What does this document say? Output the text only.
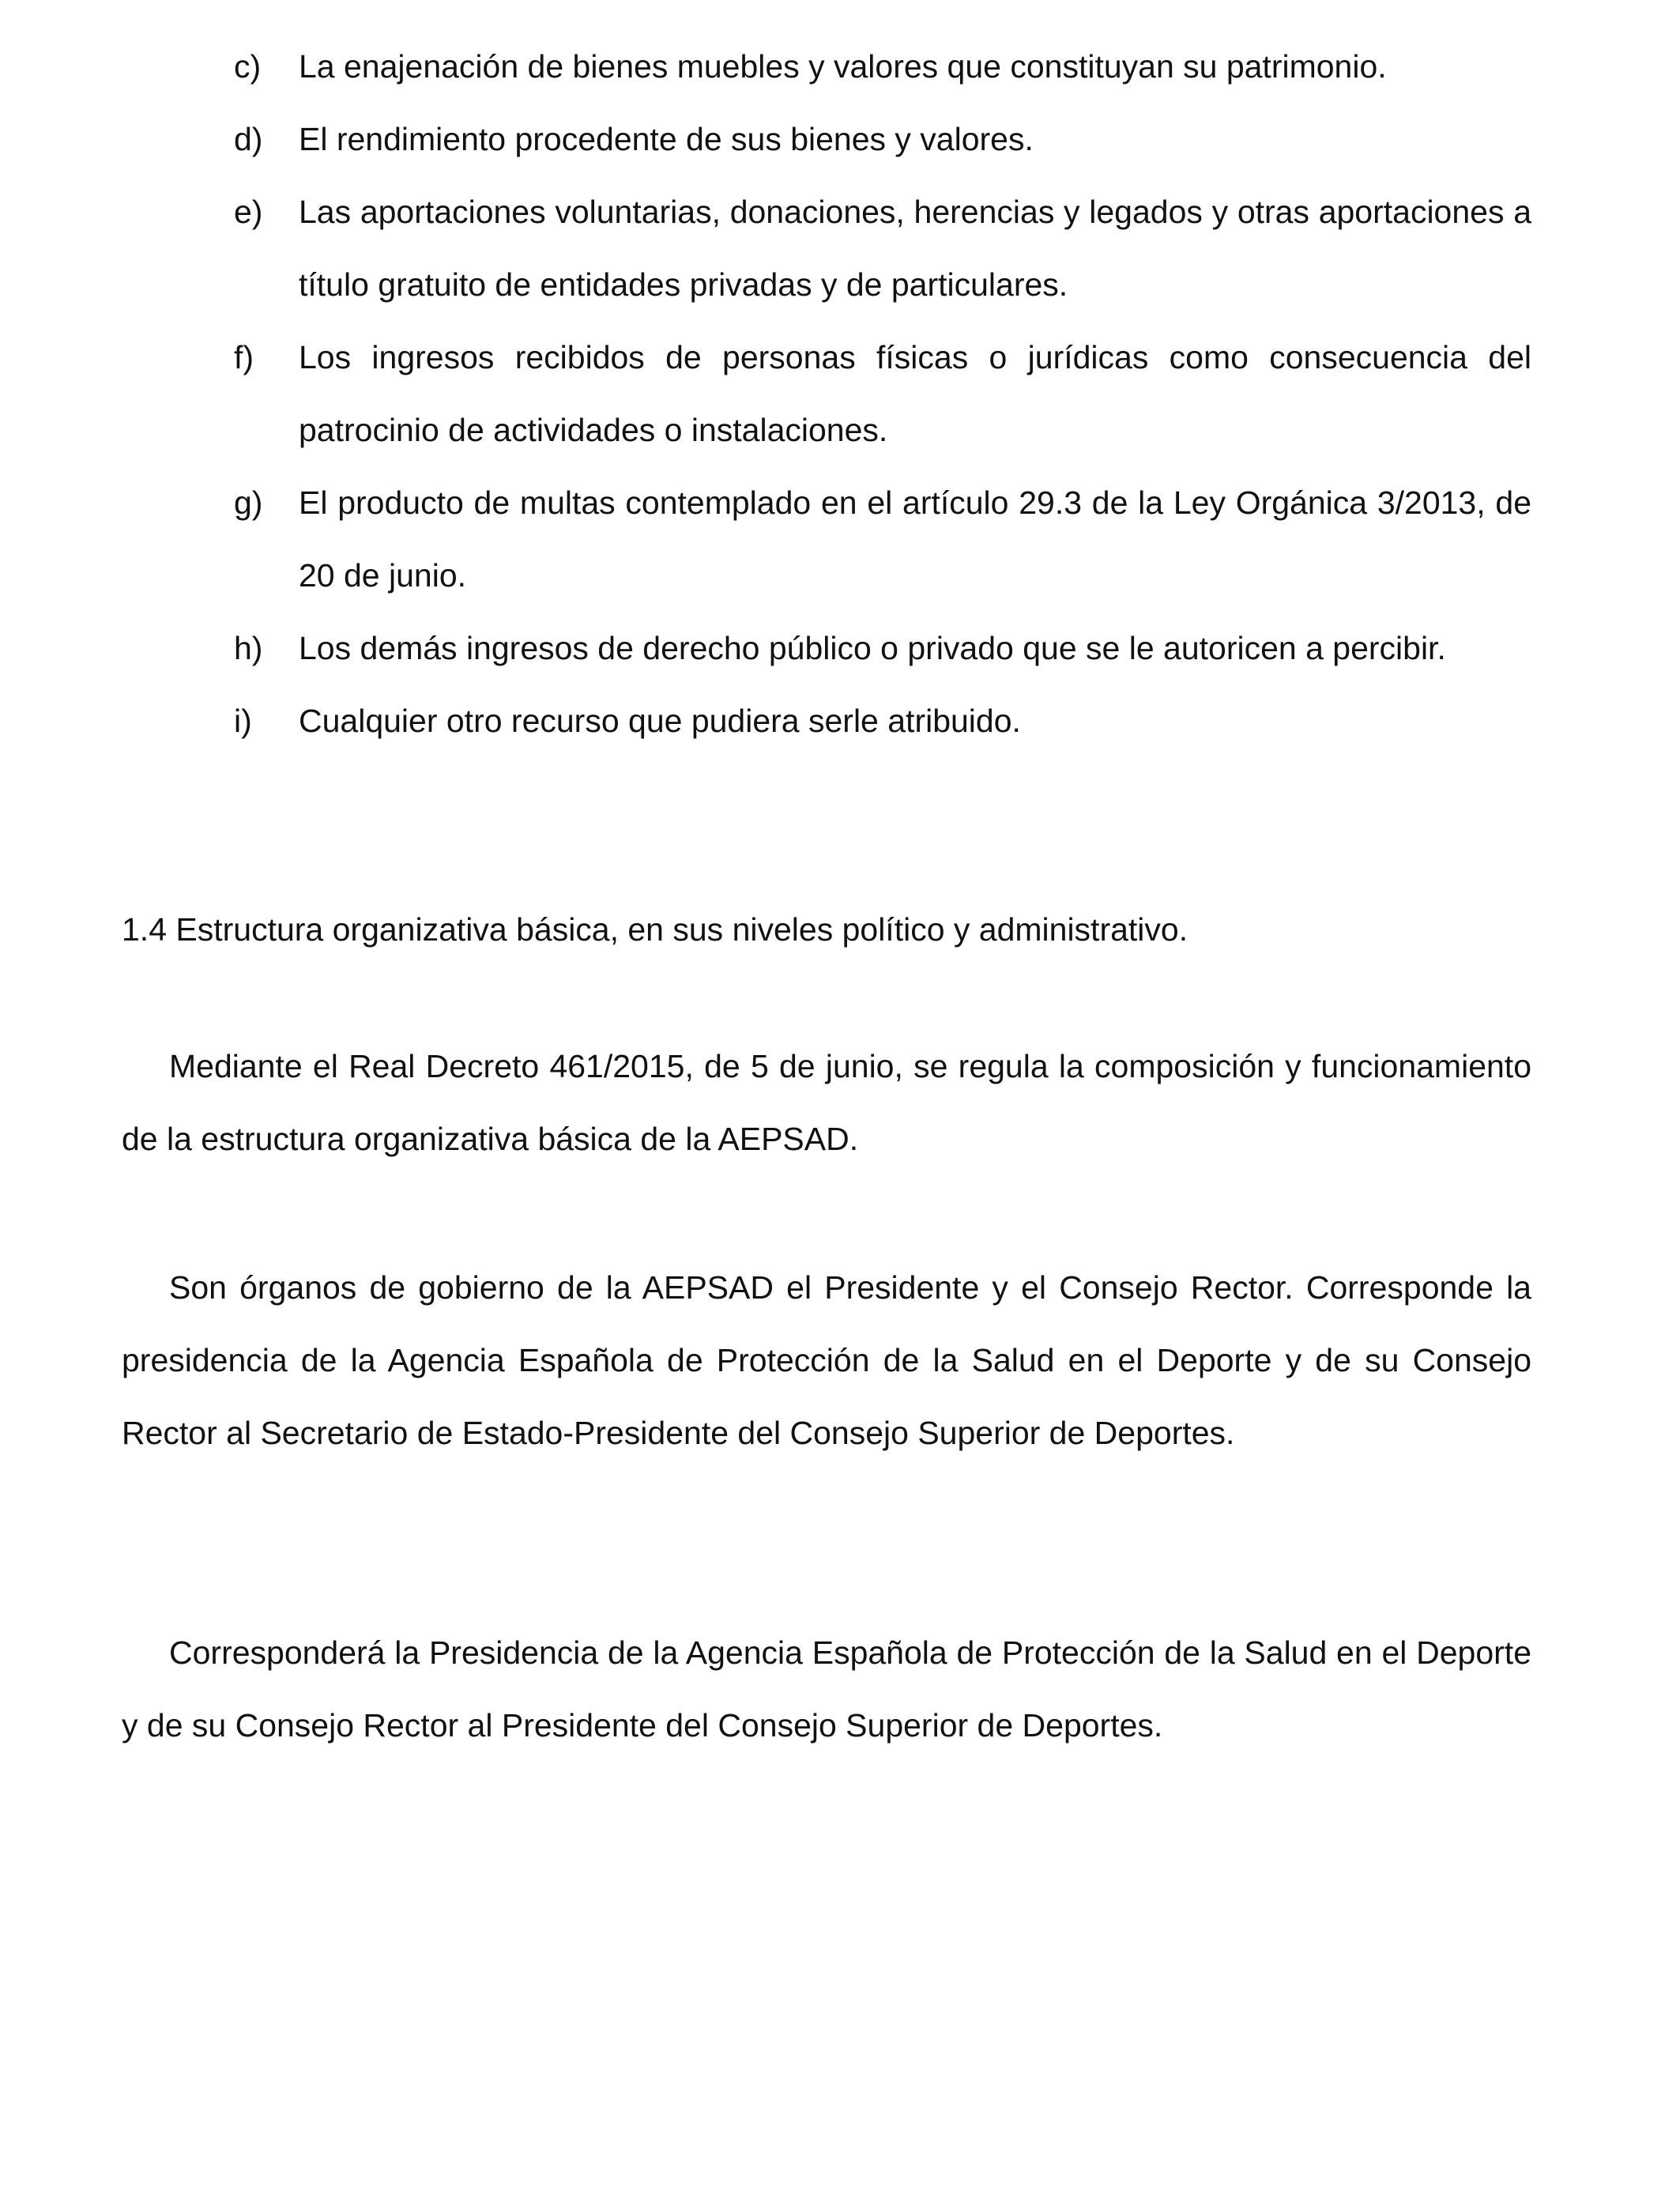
c)	La enajenación de bienes muebles y valores que constituyan su patrimonio.
d)	El rendimiento procedente de sus bienes y valores.
e)	Las aportaciones voluntarias, donaciones, herencias y legados y otras aportaciones a título gratuito de entidades privadas y de particulares.
f)	Los ingresos recibidos de personas físicas o jurídicas como consecuencia del patrocinio de actividades o instalaciones.
g)	El producto de multas contemplado en el artículo 29.3 de la Ley Orgánica 3/2013, de 20 de junio.
h)	Los demás ingresos de derecho público o privado que se le autoricen a percibir.
i)	Cualquier otro recurso que pudiera serle atribuido.
1.4 Estructura organizativa básica, en sus niveles político y administrativo.

Mediante el Real Decreto 461/2015, de 5 de junio, se regula la composición y funcionamiento de la estructura organizativa básica de la AEPSAD.

Son órganos de gobierno de la AEPSAD el Presidente y el Consejo Rector. Corresponde la presidencia de la Agencia Española de Protección de la Salud en el Deporte y de su Consejo Rector al Secretario de Estado-Presidente del Consejo Superior de Deportes.

Corresponderá la Presidencia de la Agencia Española de Protección de la Salud en el Deporte y de su Consejo Rector al Presidente del Consejo Superior de Deportes.
